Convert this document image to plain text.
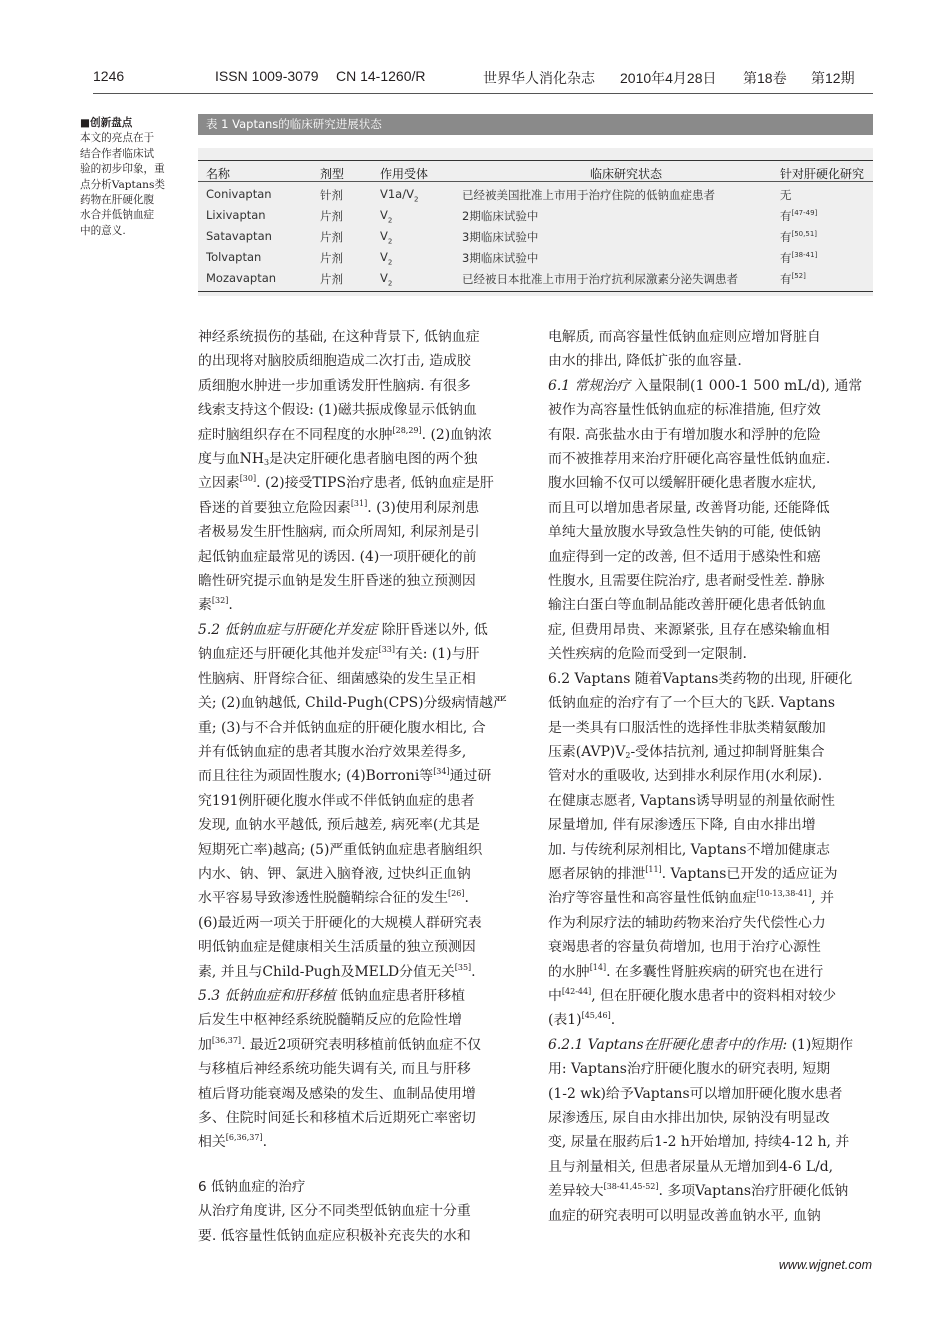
1246	ISSN 1009-3079 CN 14-1260/R	世界华人消化杂志 2010年4月28日 第18卷 第12期
■创新盘点
本文的亮点在于
结合作者临床试
验的初步印象，重
点分析Vaptans类
药物在肝硬化腹
水合并低钠血症
中的意义.
表 1 Vaptans的临床研究进展状态
名称	剂型	作用受体	临床研究状态	针对肝硬化研究
Conivaptan	针剂	$V1a/V_2$	已经被美国批准上市用于治疗住院的低钠血症患者	无
Lixivaptan	片剂	$V_2$	2期临床试验中	有[47-49]
Satavaptan	片剂	$V_2$	3期临床试验中	有[50,51]
Tolvaptan	片剂	$V_2$	3期临床试验中	有[38-41]
Mozavaptan	片剂	$V_2$	已经被日本批准上市用于治疗抗利尿激素分泌失调患者	有[52]
神经系统损伤的基础, 在这种背景下, 低钠血症
的出现将对脑胶质细胞造成二次打击, 造成胶
质细胞水肿进一步加重诱发肝性脑病. 有很多
线索支持这个假设: (1)磁共振成像显示低钠血
症时脑组织存在不同程度的水肿[28,29]. (2)血钠浓
度与血$NH_3$是决定肝硬化患者脑电图的两个独
立因素[30]. (2)接受TIPS治疗患者, 低钠血症是肝
昏迷的首要独立危险因素[31]. (3)使用利尿剂患
者极易发生肝性脑病, 而众所周知, 利尿剂是引
起低钠血症最常见的诱因. (4)一项肝硬化的前
瞻性研究提示血钠是发生肝昏迷的独立预测因
素[32].
5.2 低钠血症与肝硬化并发症 除肝昏迷以外, 低
钠血症还与肝硬化其他并发症[33]有关: (1)与肝
性脑病、肝肾综合征、细菌感染的发生呈正相
关; (2)血钠越低, Child-Pugh(CPS)分级病情越严
重; (3)与不合并低钠血症的肝硬化腹水相比, 合
并有低钠血症的患者其腹水治疗效果差得多,
而且往往为顽固性腹水; (4)Borroni等[34]通过研
究191例肝硬化腹水伴或不伴低钠血症的患者
发现, 血钠水平越低, 预后越差, 病死率(尤其是
短期死亡率)越高; (5)严重低钠血症患者脑组织
内水、钠、钾、氯进入脑脊液, 过快纠正血钠
水平容易导致渗透性脱髓鞘综合征的发生[26].
(6)最近两一项关于肝硬化的大规模人群研究表
明低钠血症是健康相关生活质量的独立预测因
素, 并且与Child-Pugh及MELD分值无关[35].
5.3 低钠血症和肝移植 低钠血症患者肝移植
后发生中枢神经系统脱髓鞘反应的危险性增
加[36,37]. 最近2项研究表明移植前低钠血症不仅
与移植后神经系统功能失调有关, 而且与肝移
植后肾功能衰竭及感染的发生、血制品使用增
多、住院时间延长和移植术后近期死亡率密切
相关[6,36,37].
6 低钠血症的治疗
从治疗角度讲, 区分不同类型低钠血症十分重
要. 低容量性低钠血症应积极补充丧失的水和
电解质, 而高容量性低钠血症则应增加肾脏自
由水的排出, 降低扩张的血容量.
6.1 常规治疗 入量限制(1 000-1 500 mL/d), 通常
被作为高容量性低钠血症的标准措施, 但疗效
有限. 高张盐水由于有增加腹水和浮肿的危险
而不被推荐用来治疗肝硬化高容量性低钠血症.
腹水回输不仅可以缓解肝硬化患者腹水症状,
而且可以增加患者尿量, 改善肾功能, 还能降低
单纯大量放腹水导致急性失钠的可能, 使低钠
血症得到一定的改善, 但不适用于感染性和癌
性腹水, 且需要住院治疗, 患者耐受性差. 静脉
输注白蛋白等血制品能改善肝硬化患者低钠血
症, 但费用昂贵、来源紧张, 且存在感染输血相
关性疾病的危险而受到一定限制.
6.2 Vaptans 随着Vaptans类药物的出现, 肝硬化
低钠血症的治疗有了一个巨大的飞跃. Vaptans
是一类具有口服活性的选择性非肽类精氨酸加
压素$(AVP)V_2-$受体拮抗剂, 通过抑制肾脏集合
管对水的重吸收, 达到排水利尿作用(水利尿).
在健康志愿者, Vaptans诱导明显的剂量依耐性
尿量增加, 伴有尿渗透压下降, 自由水排出增
加. 与传统利尿剂相比, Vaptans不增加健康志
愿者尿钠的排泄[11]. Vaptans已开发的适应证为
治疗等容量性和高容量性低钠血症[10-13,38-41], 并
作为利尿疗法的辅助药物来治疗失代偿性心力
衰竭患者的容量负荷增加, 也用于治疗心源性
的水肿[14]. 在多囊性肾脏疾病的研究也在进行
中[42-44], 但在肝硬化腹水患者中的资料相对较少
(表1)[45,46].
6.2.1 Vaptans在肝硬化患者中的作用: (1)短期作
用: Vaptans治疗肝硬化腹水的研究表明, 短期
(1-2 wk)给予Vaptans可以增加肝硬化腹水患者
尿渗透压, 尿自由水排出加快, 尿钠没有明显改
变, 尿量在服药后1-2 h开始增加, 持续4-12 h, 并
且与剂量相关, 但患者尿量从无增加到4-6 L/d,
差异较大[38-41,45-52]. 多项Vaptans治疗肝硬化低钠
血症的研究表明可以明显改善血钠水平, 血钠
www.wjgnet.com
